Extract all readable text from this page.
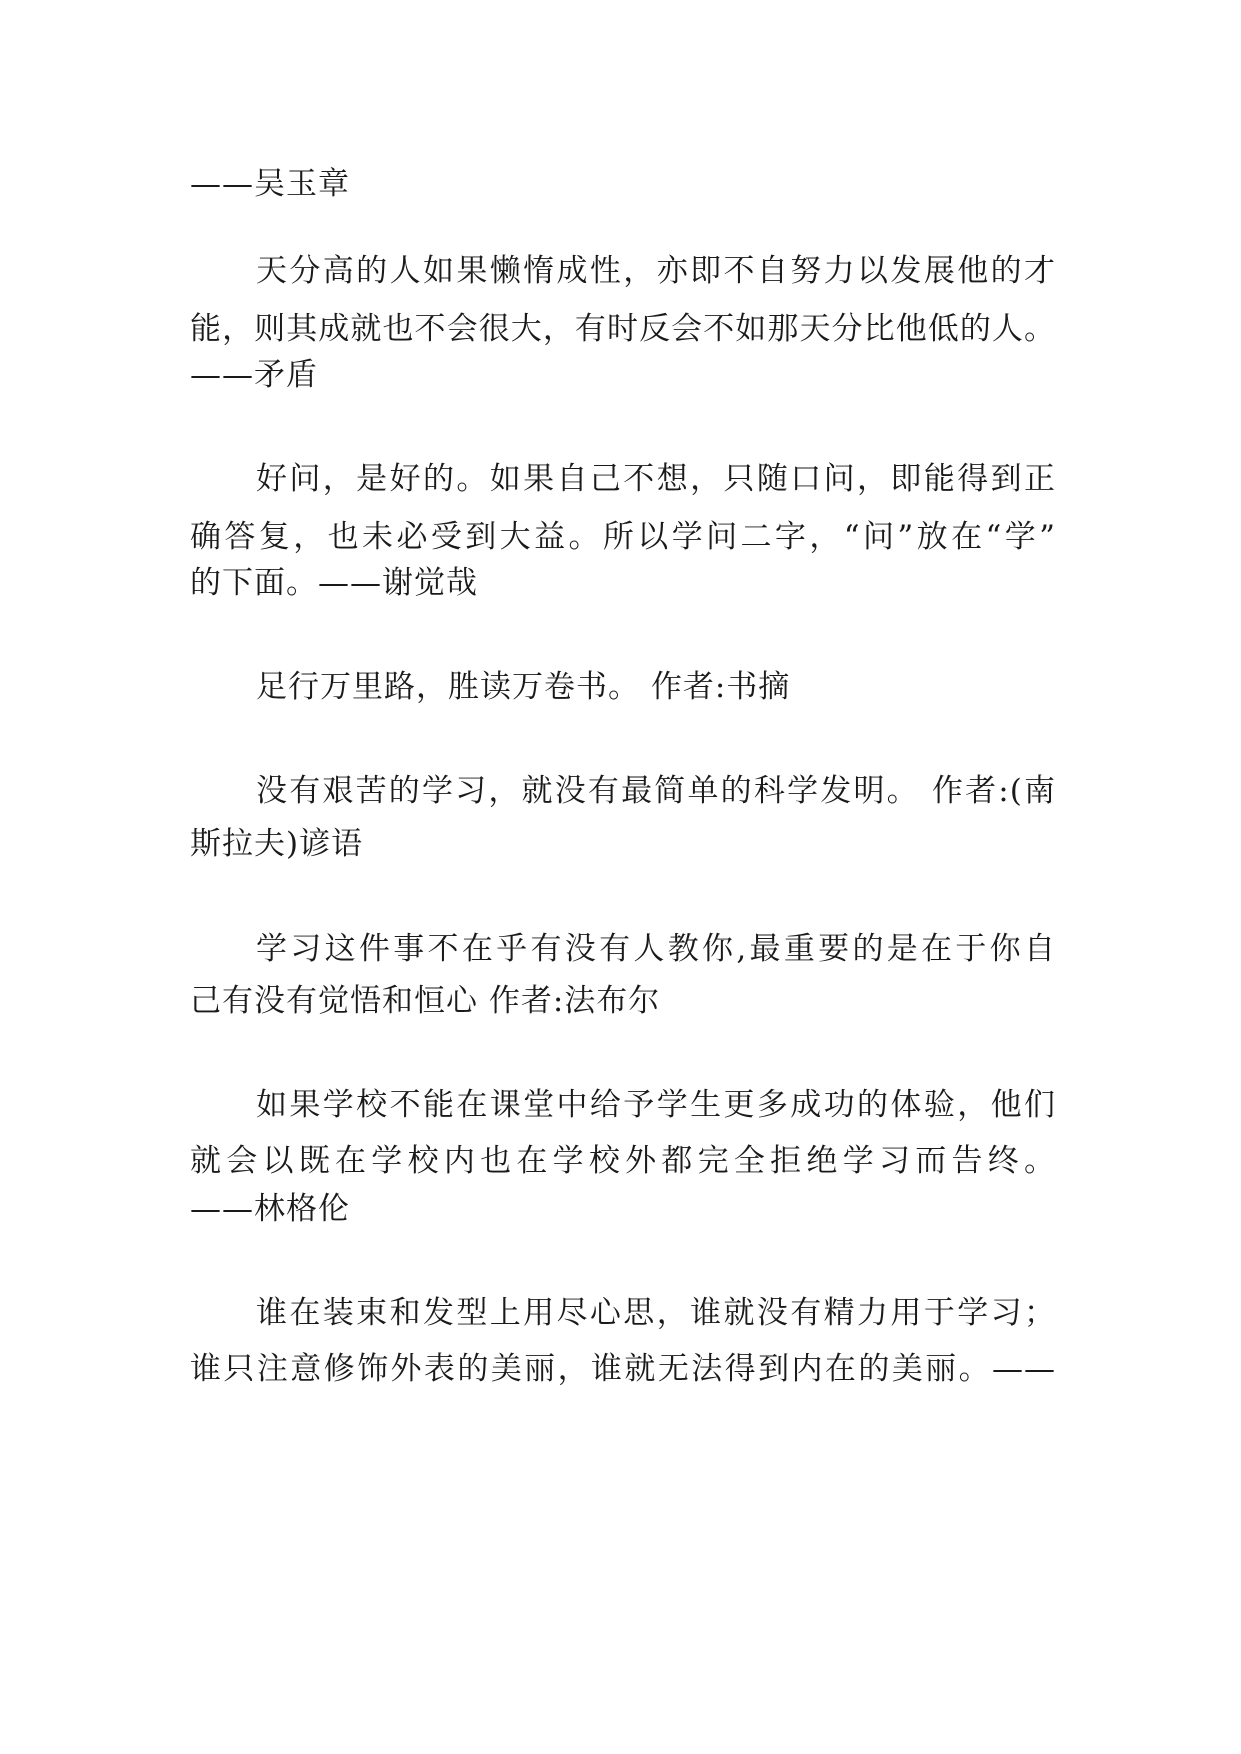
——吴玉章
天分高的人如果懒惰成性，亦即不自努力以发展他的才
能，则其成就也不会很大，有时反会不如那天分比他低的人。
——矛盾
好问，是好的。如果自己不想，只随口问，即能得到正
确答复，也未必受到大益。所以学问二字，“问”放在“学”
的下面。——谢觉哉
足行万里路，胜读万卷书。 作者:书摘
没有艰苦的学习，就没有最简单的科学发明。 作者:(南
斯拉夫)谚语
学习这件事不在乎有没有人教你,最重要的是在于你自
己有没有觉悟和恒心 作者:法布尔
如果学校不能在课堂中给予学生更多成功的体验，他们
就会以既在学校内也在学校外都完全拒绝学习而告终。
——林格伦
谁在装束和发型上用尽心思，谁就没有精力用于学习；
谁只注意修饰外表的美丽，谁就无法得到内在的美丽。——
